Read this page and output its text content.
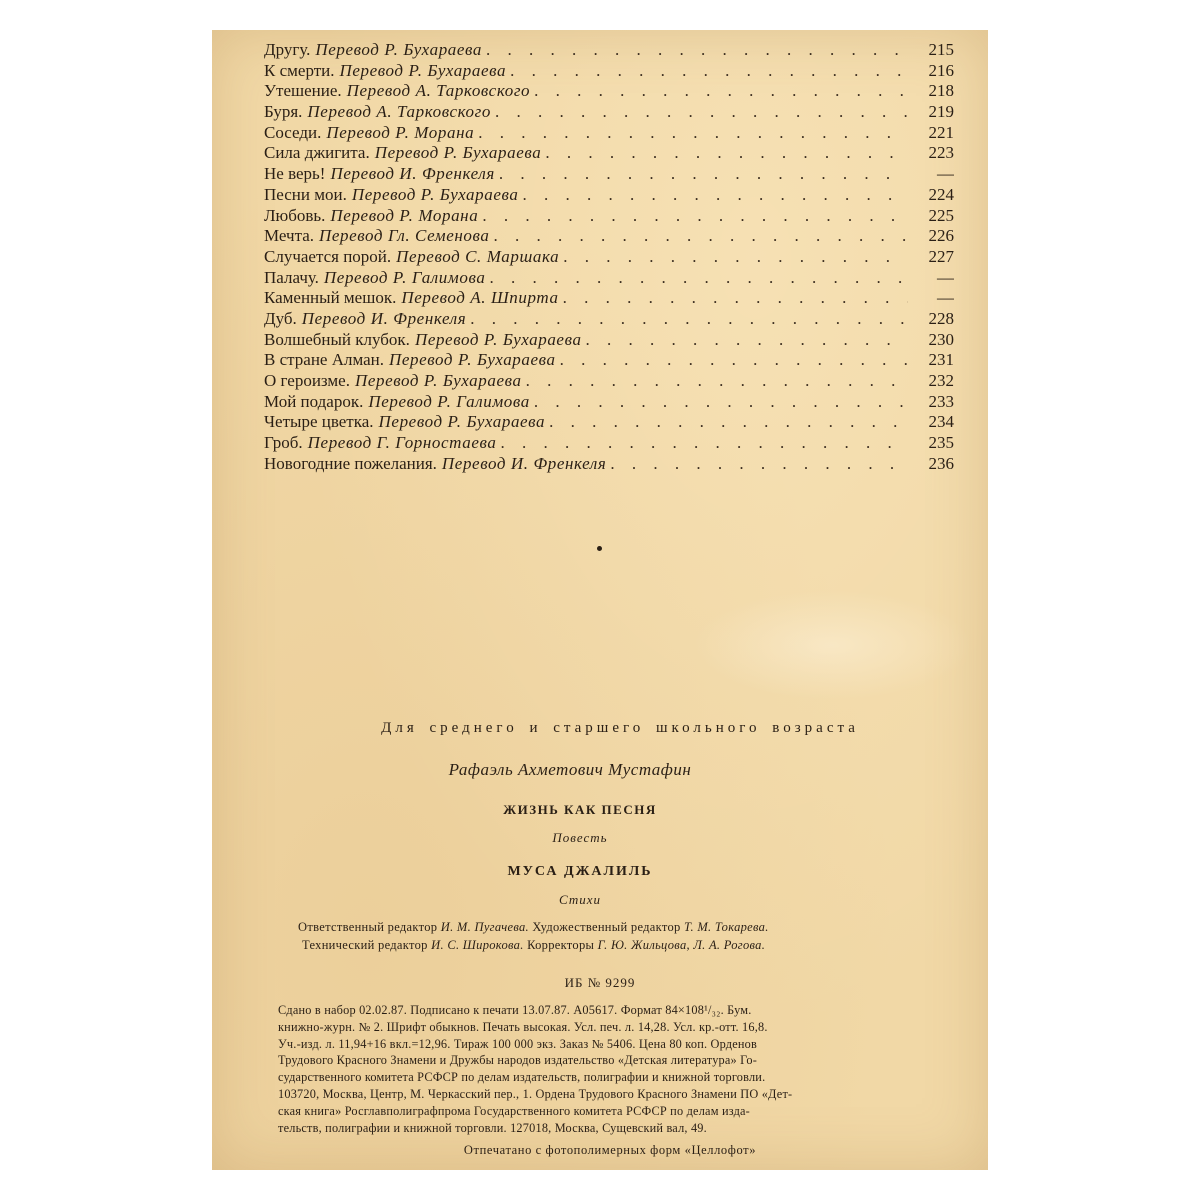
Другу. Перевод Р. Бухараева . . .	215
К смерти. Перевод Р. Бухараева . . .	216
Утешение. Перевод А. Тарковского . . .	218
Буря. Перевод А. Тарковского . . .	219
Соседи. Перевод Р. Морана . . .	221
Сила джигита. Перевод Р. Бухараева . . .	223
Не верь! Перевод И. Френкеля . . .	—
Песни мои. Перевод Р. Бухараева . . .	224
Любовь. Перевод Р. Морана . . .	225
Мечта. Перевод Гл. Семенова . . .	226
Случается порой. Перевод С. Маршака . . .	227
Палачу. Перевод Р. Галимова . . .	—
Каменный мешок. Перевод А. Шпирта . . .	—
Дуб. Перевод И. Френкеля . . .	228
Волшебный клубок. Перевод Р. Бухараева . . .	230
В стране Алман. Перевод Р. Бухараева . . .	231
О героизме. Перевод Р. Бухараева . . .	232
Мой подарок. Перевод Р. Галимова . . .	233
Четыре цветка. Перевод Р. Бухараева . . .	234
Гроб. Перевод Г. Горностаева . . .	235
Новогодние пожелания. Перевод И. Френкеля . . .	236
Для среднего и старшего школьного возраста
Рафаэль Ахметович Мустафин
ЖИЗНЬ КАК ПЕСНЯ
Повесть
МУСА ДЖАЛИЛЬ
Стихи
Ответственный редактор И. М. Пугачева. Художественный редактор Т. М. Токарева.
Технический редактор И. С. Широкова. Корректоры Г. Ю. Жильцова, Л. А. Рогова.
ИБ № 9299
Сдано в набор 02.02.87. Подписано к печати 13.07.87. А05617. Формат 84×108¹/₃₂. Бум.
книжно-журн. № 2. Шрифт обыкнов. Печать высокая. Усл. печ. л. 14,28. Усл. кр.-отт. 16,8.
Уч.-изд. л. 11,94+16 вкл.=12,96. Тираж 100 000 экз. Заказ № 5406. Цена 80 коп. Орденов
Трудового Красного Знамени и Дружбы народов издательство «Детская литература» Го-
сударственного комитета РСФСР по делам издательств, полиграфии и книжной торговли.
103720, Москва, Центр, М. Черкасский пер., 1. Ордена Трудового Красного Знамени ПО «Дет-
ская книга» Росглавполиграфпрома Государственного комитета РСФСР по делам изда-
тельств, полиграфии и книжной торговли. 127018, Москва, Сущевский вал, 49.
Отпечатано с фотополимерных форм «Целлофот»
